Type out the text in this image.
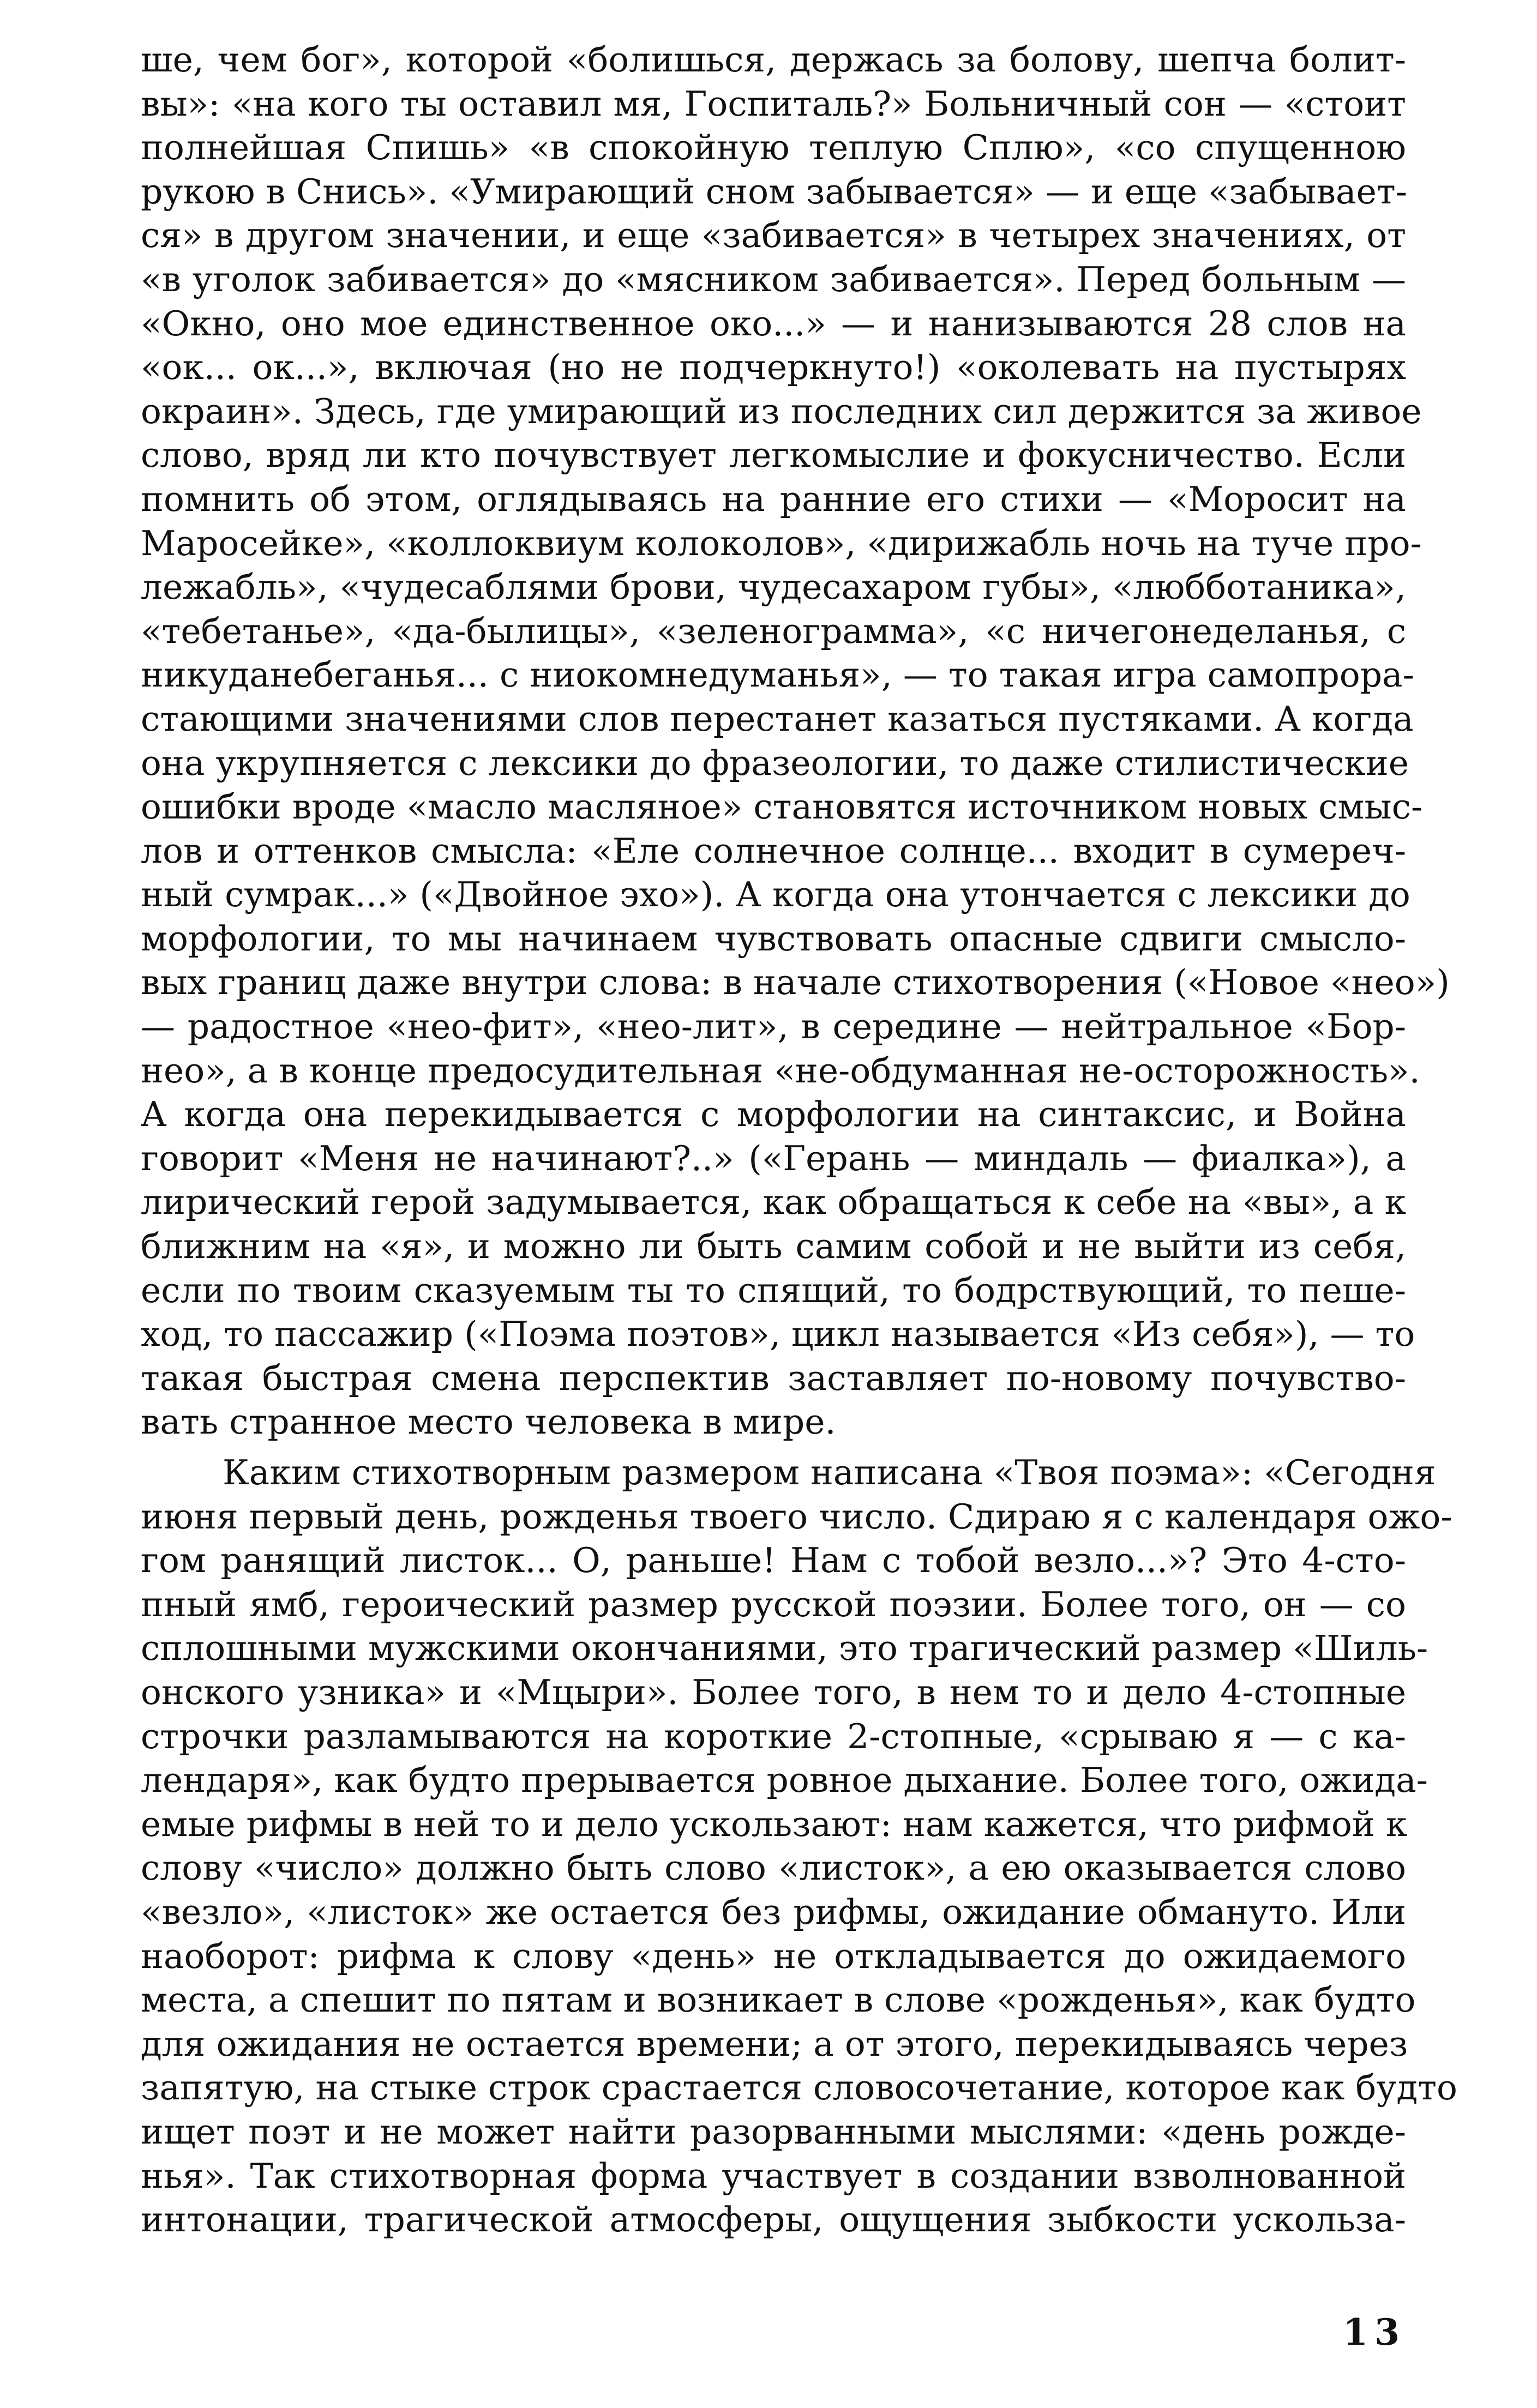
ше, чем бог», которой «болишься, держась за болову, шепча болит-
вы»: «на кого ты оставил мя, Госпиталь?» Больничный сон — «стоит
полнейшая Спишь» «в спокойную теплую Сплю», «со спущенною
рукою в Снись». «Умирающий сном забывается» — и еще «забывает-
ся» в другом значении, и еще «забивается» в четырех значениях, от
«в уголок забивается» до «мясником забивается». Перед больным —
«Окно, оно мое единственное око...» — и нанизываются 28 слов на
«ок... ок...», включая (но не подчеркнуто!) «околевать на пустырях
окраин». Здесь, где умирающий из последних сил держится за живое
слово, вряд ли кто почувствует легкомыслие и фокусничество. Если
помнить об этом, оглядываясь на ранние его стихи — «Моросит на
Маросейке», «коллоквиум колоколов», «дирижабль ночь на туче про-
лежабль», «чудесаблями брови, чудесахаром губы», «любботаника»,
«тебетанье», «да-былицы», «зеленограмма», «с ничегонеделанья, с
никуданебеганья... с ниокомнедуманья», — то такая игра самопрора-
стающими значениями слов перестанет казаться пустяками. А когда
она укрупняется с лексики до фразеологии, то даже стилистические
ошибки вроде «масло масляное» становятся источником новых смыс-
лов и оттенков смысла: «Еле солнечное солнце... входит в сумереч-
ный сумрак...» («Двойное эхо»). А когда она утончается с лексики до
морфологии, то мы начинаем чувствовать опасные сдвиги смысло-
вых границ даже внутри слова: в начале стихотворения («Новое «нео»)
— радостное «нео-фит», «нео-лит», в середине — нейтральное «Бор-
нео», а в конце предосудительная «не-обдуманная не-осторожность».
А когда она перекидывается с морфологии на синтаксис, и Война
говорит «Меня не начинают?..» («Герань — миндаль — фиалка»), а
лирический герой задумывается, как обращаться к себе на «вы», а к
ближним на «я», и можно ли быть самим собой и не выйти из себя,
если по твоим сказуемым ты то спящий, то бодрствующий, то пеше-
ход, то пассажир («Поэма поэтов», цикл называется «Из себя»), — то
такая быстрая смена перспектив заставляет по-новому почувство-
вать странное место человека в мире.
Каким стихотворным размером написана «Твоя поэма»: «Сегодня
июня первый день, рожденья твоего число. Сдираю я с календаря ожо-
гом ранящий листок... О, раньше! Нам с тобой везло...»? Это 4-сто-
пный ямб, героический размер русской поэзии. Более того, он — со
сплошными мужскими окончаниями, это трагический размер «Шиль-
онского узника» и «Мцыри». Более того, в нем то и дело 4-стопные
строчки разламываются на короткие 2-стопные, «срываю я — с ка-
лендаря», как будто прерывается ровное дыхание. Более того, ожида-
емые рифмы в ней то и дело ускользают: нам кажется, что рифмой к
слову «число» должно быть слово «листок», а ею оказывается слово
«везло», «листок» же остается без рифмы, ожидание обмануто. Или
наоборот: рифма к слову «день» не откладывается до ожидаемого
места, а спешит по пятам и возникает в слове «рожденья», как будто
для ожидания не остается времени; а от этого, перекидываясь через
запятую, на стыке строк срастается словосочетание, которое как будто
ищет поэт и не может найти разорванными мыслями: «день рожде-
нья». Так стихотворная форма участвует в создании взволнованной
интонации, трагической атмосферы, ощущения зыбкости ускольза-
13
